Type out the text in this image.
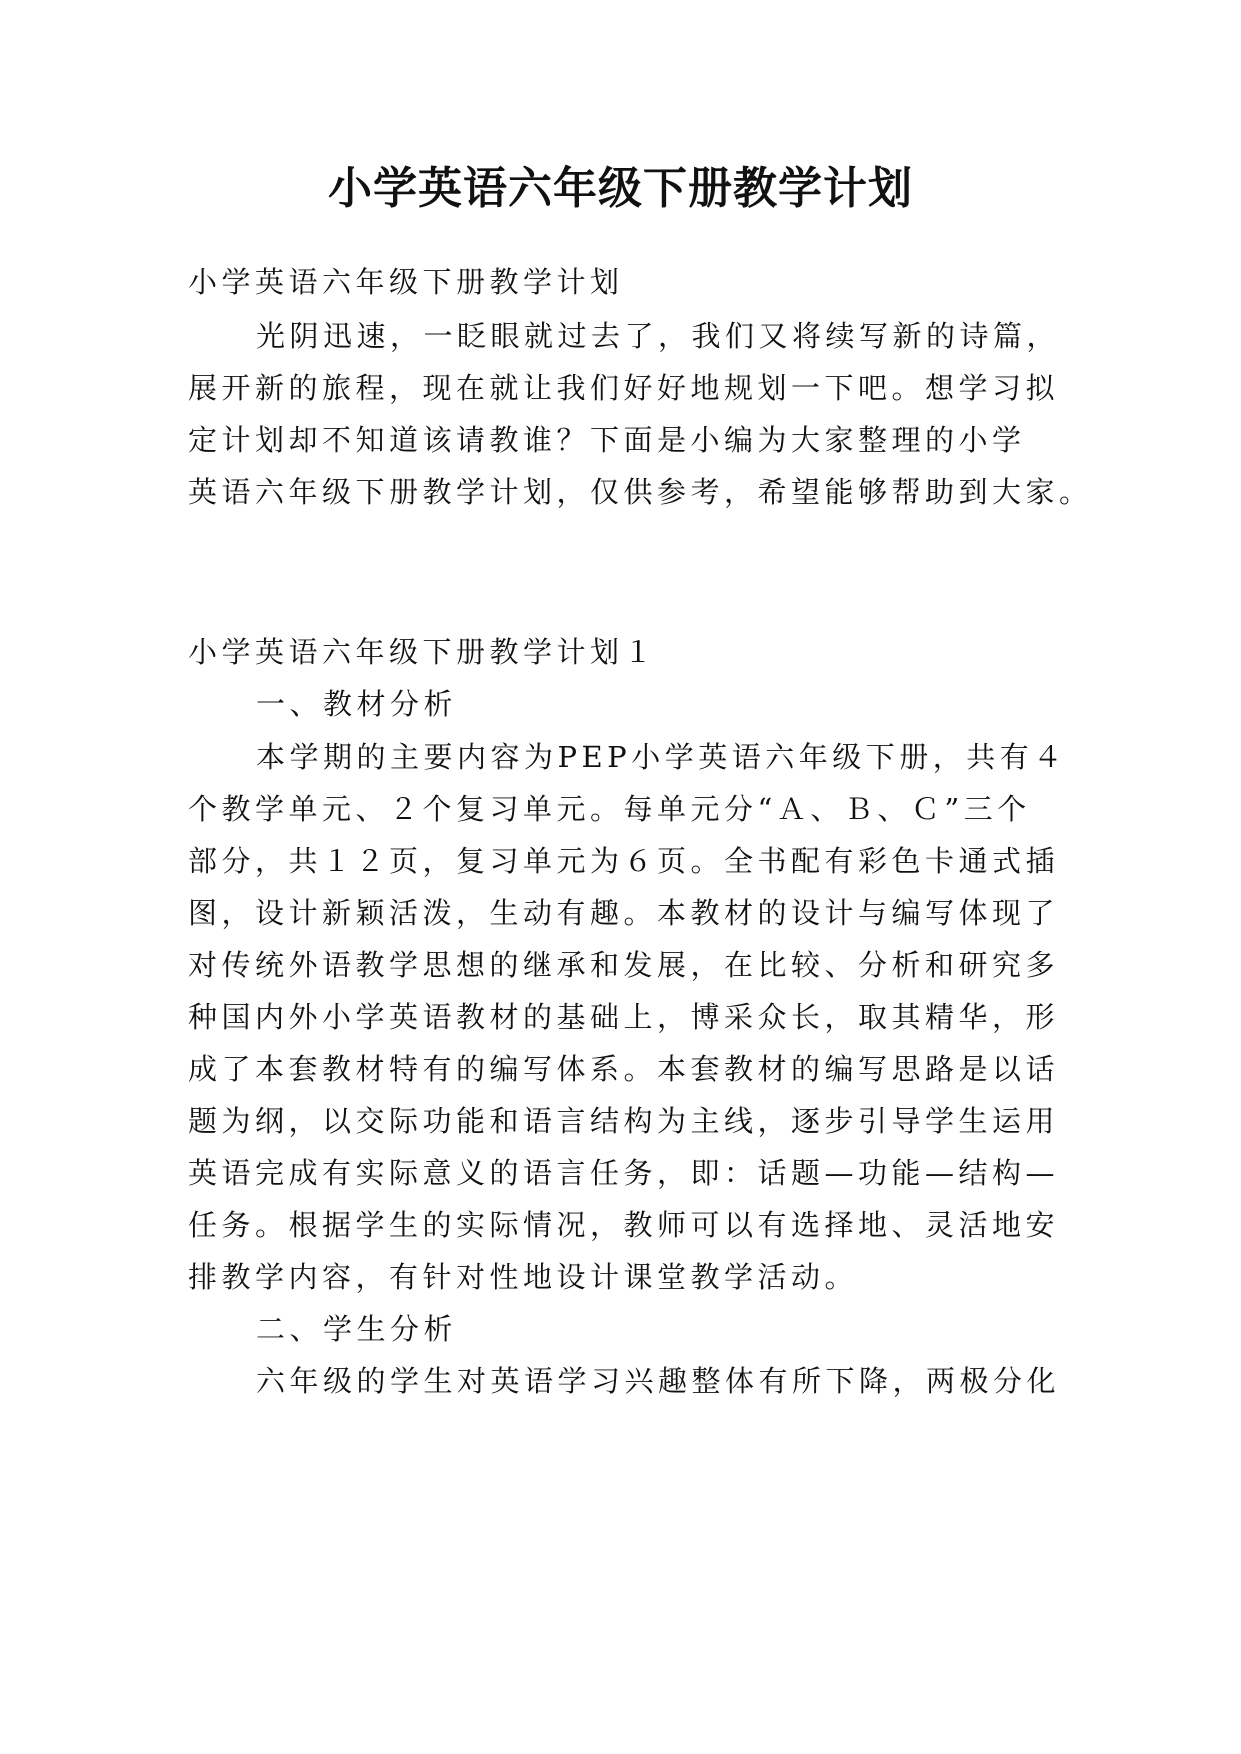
小学英语六年级下册教学计划

小学英语六年级下册教学计划

光阴迅速，一眨眼就过去了，我们又将续写新的诗篇，

展开新的旅程，现在就让我们好好地规划一下吧。想学习拟

定计划却不知道该请教谁？下面是小编为大家整理的小学

英语六年级下册教学计划，仅供参考，希望能够帮助到大家。

小学英语六年级下册教学计划１

一、教材分析

本学期的主要内容为PEP小学英语六年级下册，共有４

个教学单元、２个复习单元。每单元分“Ａ、Ｂ、Ｃ”三个

部分，共１２页，复习单元为６页。全书配有彩色卡通式插

图，设计新颖活泼，生动有趣。本教材的设计与编写体现了

对传统外语教学思想的继承和发展，在比较、分析和研究多

种国内外小学英语教材的基础上，博采众长，取其精华，形

成了本套教材特有的编写体系。本套教材的编写思路是以话

题为纲，以交际功能和语言结构为主线，逐步引导学生运用

英语完成有实际意义的语言任务，即：话题—功能—结构—

任务。根据学生的实际情况，教师可以有选择地、灵活地安

排教学内容，有针对性地设计课堂教学活动。

二、学生分析

六年级的学生对英语学习兴趣整体有所下降，两极分化
